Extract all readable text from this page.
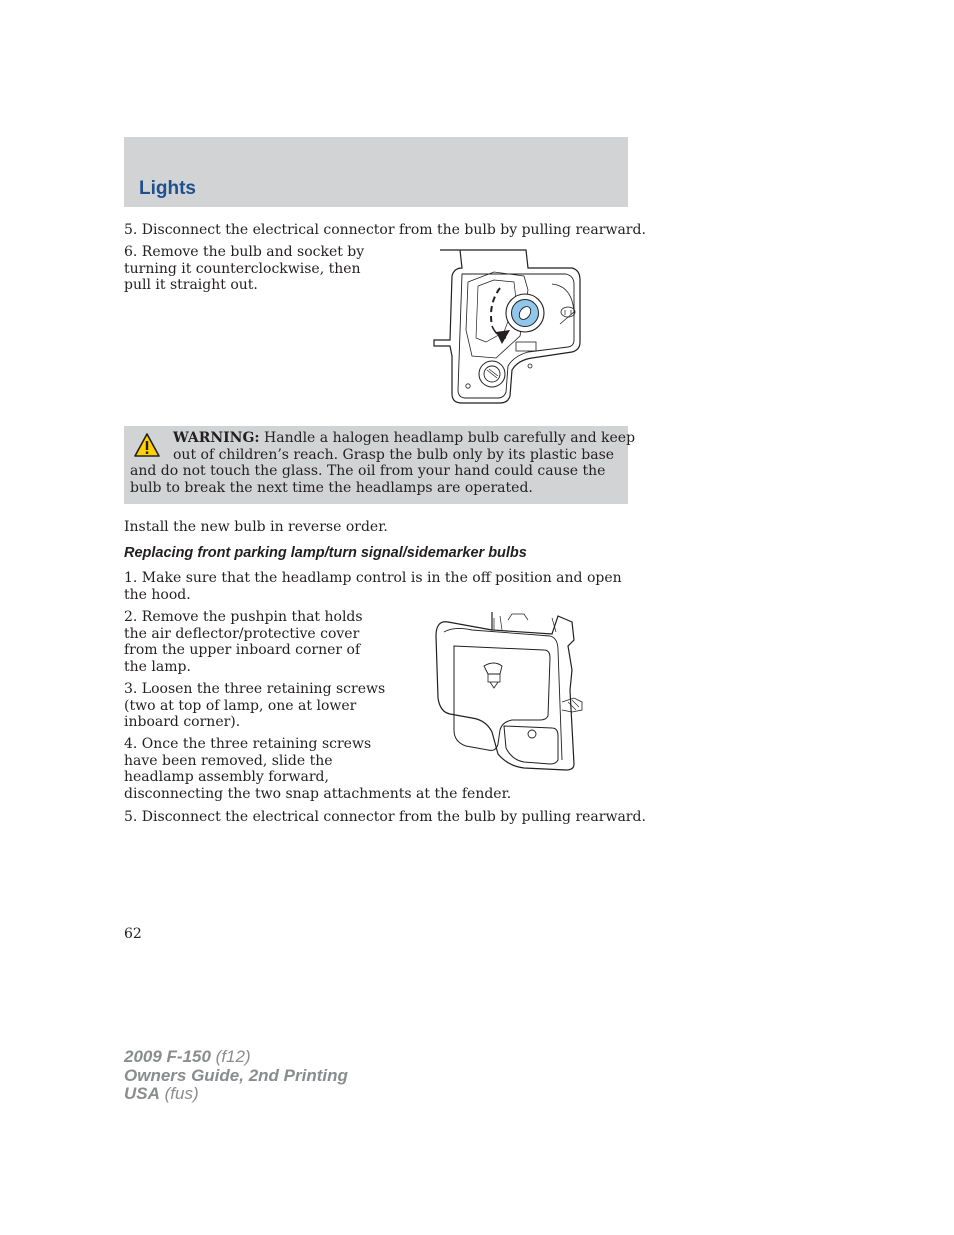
Lights

5. Disconnect the electrical connector from the bulb by pulling rearward.

6. Remove the bulb and socket by

turning it counterclockwise, then

pull it straight out.

WARNING: Handle a halogen headlamp bulb carefully and keep

out of children’s reach. Grasp the bulb only by its plastic base

and do not touch the glass. The oil from your hand could cause the

bulb to break the next time the headlamps are operated.

Install the new bulb in reverse order.

Replacing front parking lamp/turn signal/sidemarker bulbs

1. Make sure that the headlamp control is in the off position and open

the hood.

2. Remove the pushpin that holds

the air deflector/protective cover

from the upper inboard corner of

the lamp.

3. Loosen the three retaining screws

(two at top of lamp, one at lower

inboard corner).

4. Once the three retaining screws

have been removed, slide the

headlamp assembly forward,

disconnecting the two snap attachments at the fender.

5. Disconnect the electrical connector from the bulb by pulling rearward.

62
2009 F-150 (f12)
Owners Guide, 2nd Printing
USA (fus)
